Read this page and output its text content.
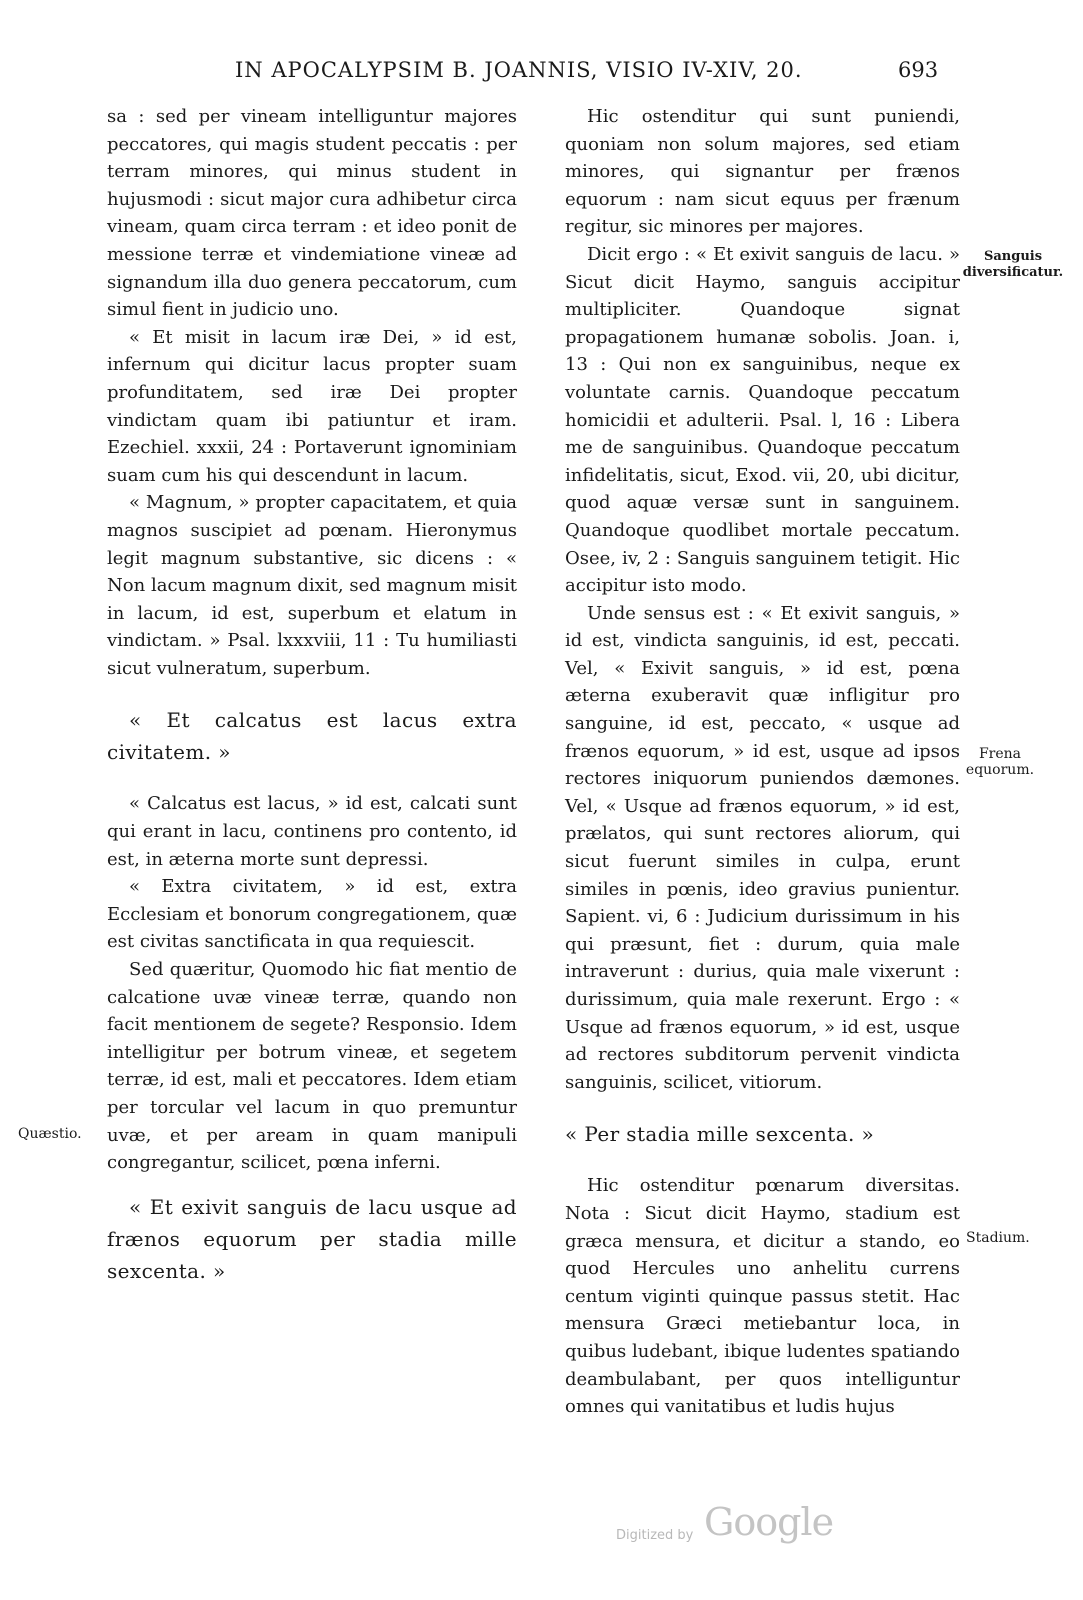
IN APOCALYPSIM B. JOANNIS, VISIO IV-XIV, 20.	693

sa : sed per vineam intelliguntur majores peccatores, qui magis student peccatis : per terram minores, qui minus student in hujusmodi : sicut major cura adhibetur circa vineam, quam circa terram : et ideo ponit de messione terræ et vindemiatione vineæ ad signandum illa duo genera peccatorum, cum simul fient in judicio uno.

« Et misit in lacum iræ Dei, » id est, infernum qui dicitur lacus propter suam profunditatem, sed iræ Dei propter vindictam quam ibi patiuntur et iram. Ezechiel. xxxii, 24 : Portaverunt ignominiam suam cum his qui descendunt in lacum.

« Magnum, » propter capacitatem, et quia magnos suscipiet ad pœnam. Hieronymus legit magnum substantive, sic dicens : « Non lacum magnum dixit, sed magnum misit in lacum, id est, superbum et elatum in vindictam. » Psal. lxxxviii, 11 : Tu humiliasti sicut vulneratum, superbum.

« Et calcatus est lacus extra civitatem. »

« Calcatus est lacus, » id est, calcati sunt qui erant in lacu, continens pro contento, id est, in æterna morte sunt depressi.

« Extra civitatem, » id est, extra Ecclesiam et bonorum congregationem, quæ est civitas sanctificata in qua requiescit.

Sed quæritur, Quomodo hic fiat mentio de calcatione uvæ vineæ terræ, quando non facit mentionem de segete? Responsio. Idem intelligitur per botrum vineæ, et segetem terræ, id est, mali et peccatores. Idem etiam per torcular vel lacum in quo premuntur uvæ, et per aream in quam manipuli congregantur, scilicet, pœna inferni.

« Et exivit sanguis de lacu usque ad frænos equorum per stadia mille sexcenta. »

Hic ostenditur qui sunt puniendi, quoniam non solum majores, sed etiam minores, qui signantur per frænos equorum : nam sicut equus per frænum regitur, sic minores per majores.

Dicit ergo : « Et exivit sanguis de lacu. » Sicut dicit Haymo, sanguis accipitur multipliciter. Quandoque signat propagationem humanæ sobolis. Joan. i, 13 : Qui non ex sanguinibus, neque ex voluntate carnis. Quandoque peccatum homicidii et adulterii. Psal. l, 16 : Libera me de sanguinibus. Quandoque peccatum infidelitatis, sicut, Exod. vii, 20, ubi dicitur, quod aquæ versæ sunt in sanguinem. Quandoque quodlibet mortale peccatum. Osee, iv, 2 : Sanguis sanguinem tetigit. Hic accipitur isto modo.

Unde sensus est : « Et exivit sanguis, » id est, vindicta sanguinis, id est, peccati. Vel, « Exivit sanguis, » id est, pœna æterna exuberavit quæ infligitur pro sanguine, id est, peccato, « usque ad frænos equorum, » id est, usque ad ipsos rectores iniquorum puniendos dæmones. Vel, « Usque ad frænos equorum, » id est, prælatos, qui sunt rectores aliorum, qui sicut fuerunt similes in culpa, erunt similes in pœnis, ideo gravius punientur. Sapient. vi, 6 : Judicium durissimum in his qui præsunt, fiet : durum, quia male intraverunt : durius, quia male vixerunt : durissimum, quia male rexerunt. Ergo : « Usque ad frænos equorum, » id est, usque ad rectores subditorum pervenit vindicta sanguinis, scilicet, vitiorum.

« Per stadia mille sexcenta. »

Hic ostenditur pœnarum diversitas. Nota : Sicut dicit Haymo, stadium est græca mensura, et dicitur a stando, eo quod Hercules uno anhelitu currens centum viginti quinque passus stetit. Hac mensura Græci metiebantur loca, in quibus ludebant, ibique ludentes spatiando deambulabant, per quos intelliguntur omnes qui vanitatibus et ludis hujus

Quæstio.
Sanguis diversificatur.
Frena equorum.
Stadium.
Digitized by Google
